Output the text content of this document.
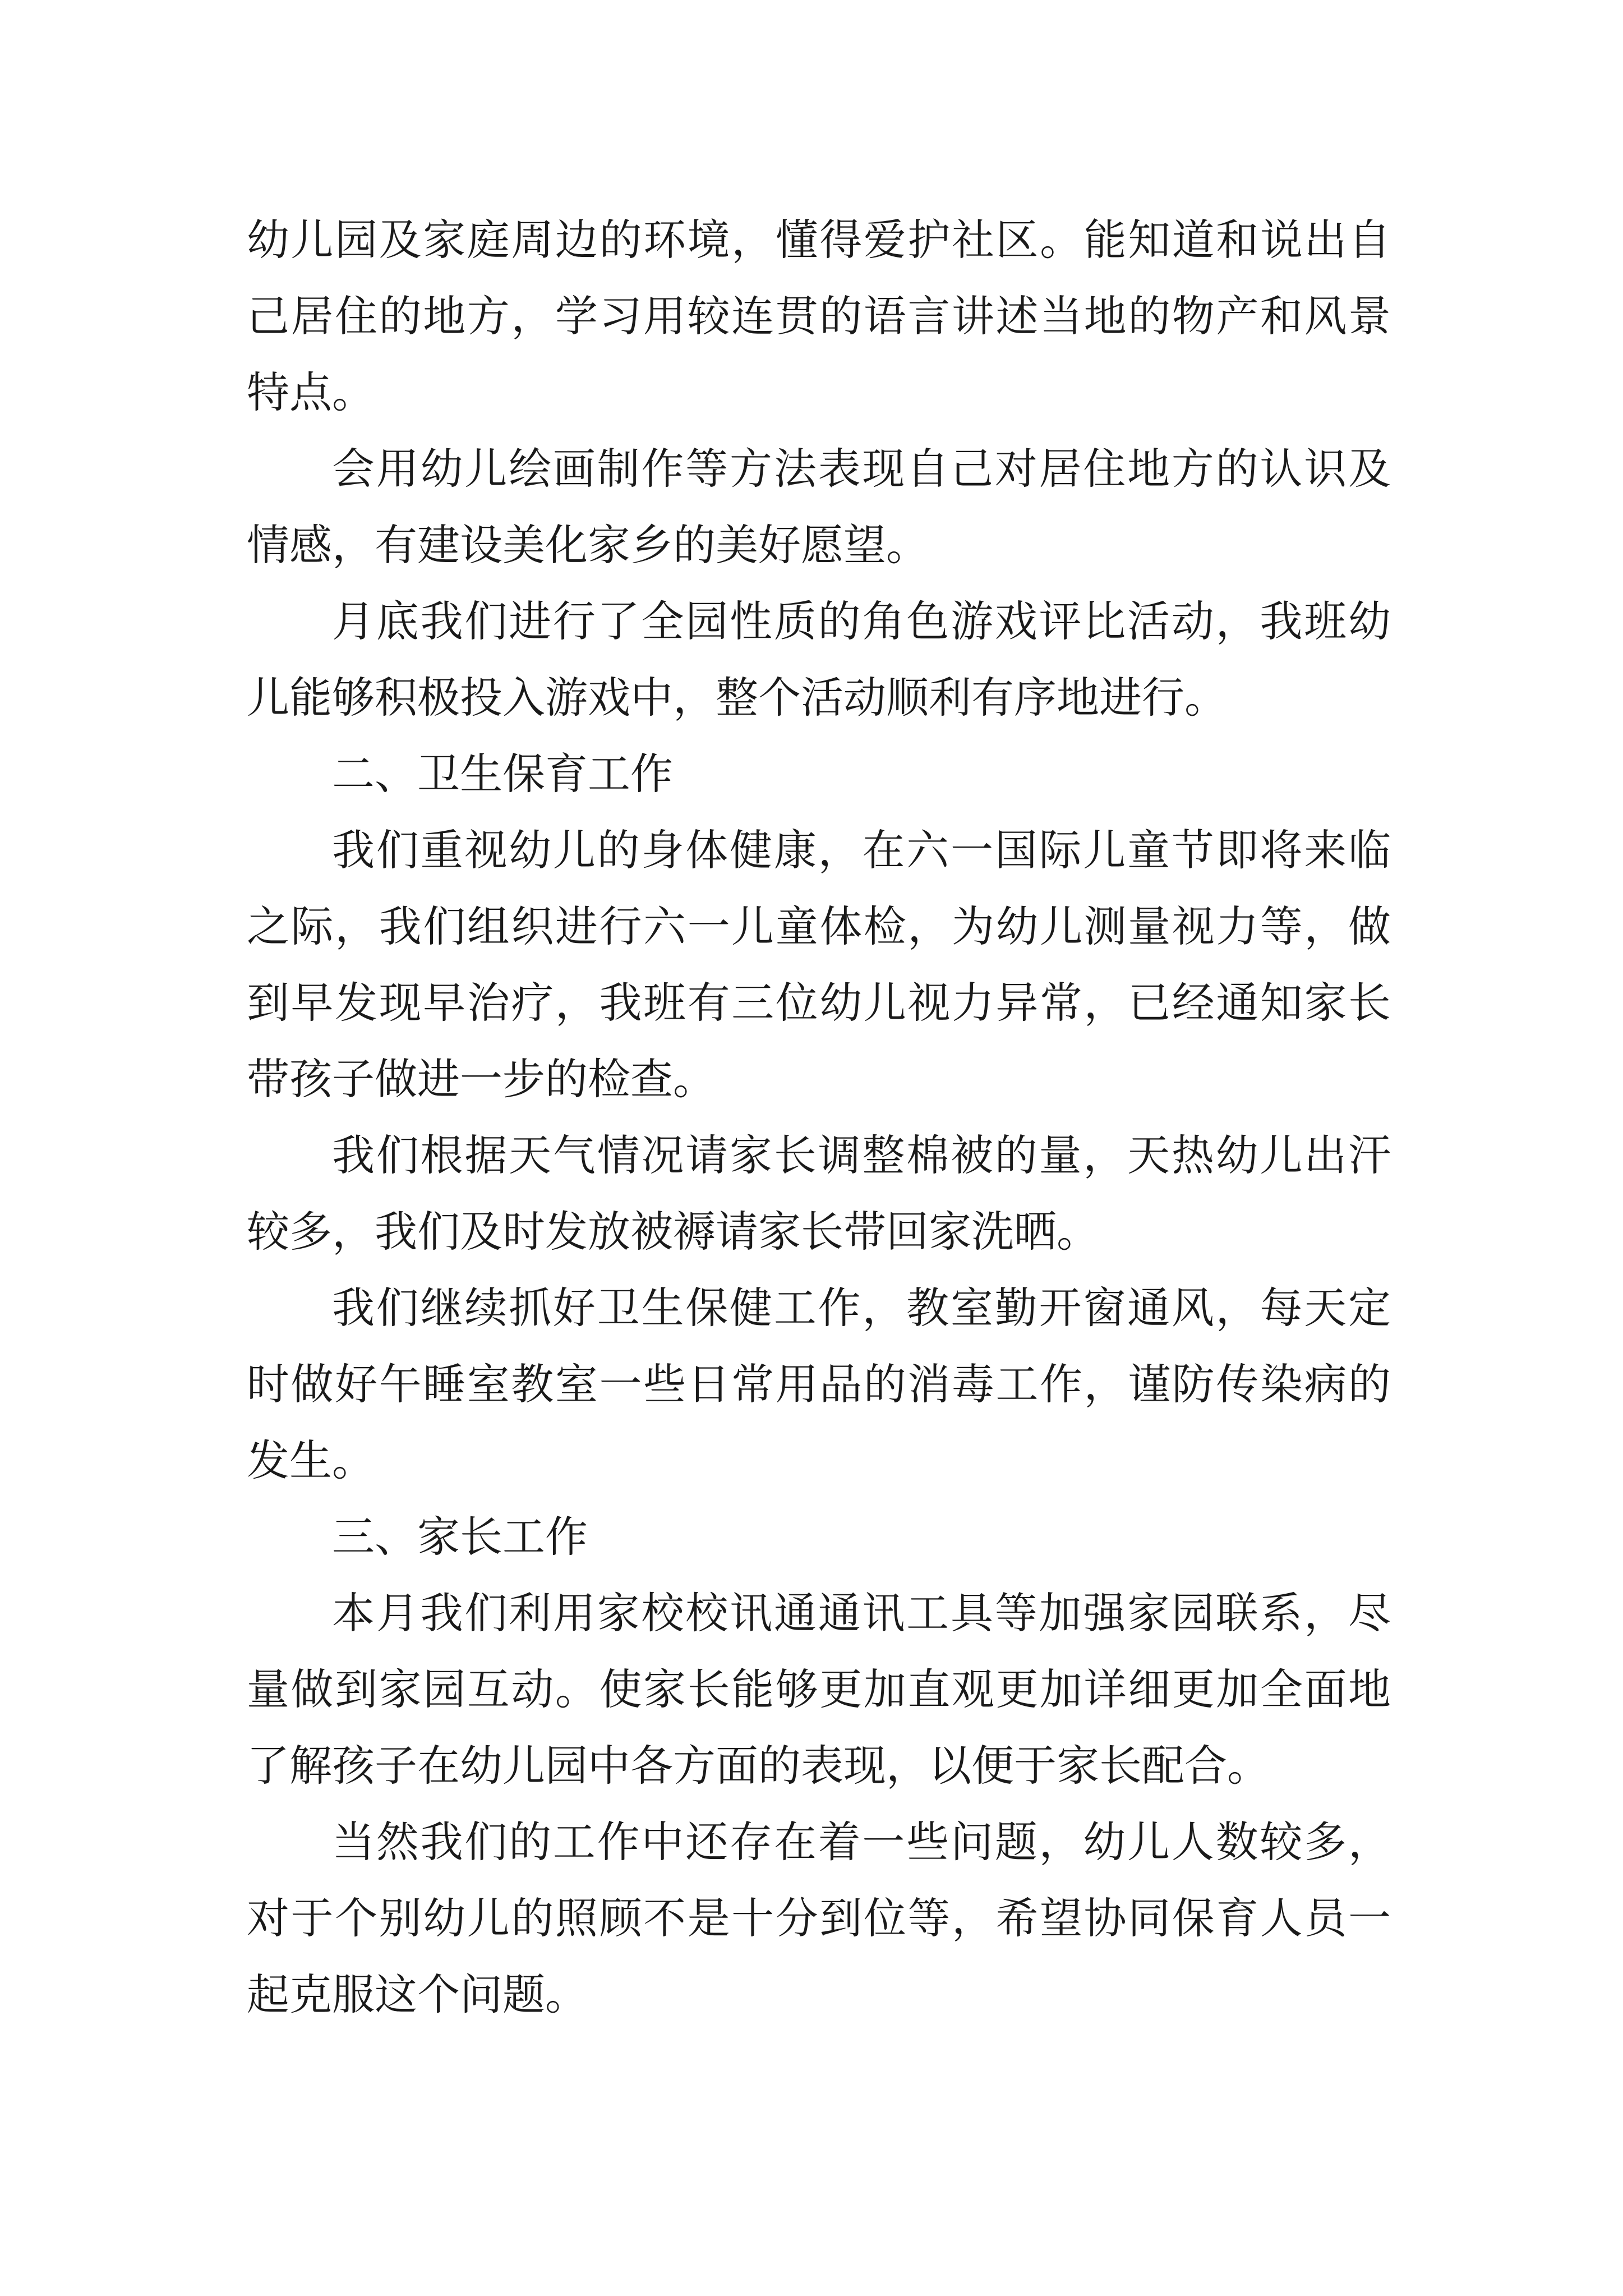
幼儿园及家庭周边的环境，懂得爱护社区。能知道和说出自己居住的地方，学习用较连贯的语言讲述当地的物产和风景特点。

会用幼儿绘画制作等方法表现自己对居住地方的认识及情感，有建设美化家乡的美好愿望。

月底我们进行了全园性质的角色游戏评比活动，我班幼儿能够积极投入游戏中，整个活动顺利有序地进行。

二、卫生保育工作

我们重视幼儿的身体健康，在六一国际儿童节即将来临之际，我们组织进行六一儿童体检，为幼儿测量视力等，做到早发现早治疗，我班有三位幼儿视力异常，已经通知家长带孩子做进一步的检查。

我们根据天气情况请家长调整棉被的量，天热幼儿出汗较多，我们及时发放被褥请家长带回家洗晒。

我们继续抓好卫生保健工作，教室勤开窗通风，每天定时做好午睡室教室一些日常用品的消毒工作，谨防传染病的发生。

三、家长工作

本月我们利用家校校讯通通讯工具等加强家园联系，尽量做到家园互动。使家长能够更加直观更加详细更加全面地了解孩子在幼儿园中各方面的表现，以便于家长配合。

当然我们的工作中还存在着一些问题，幼儿人数较多，对于个别幼儿的照顾不是十分到位等，希望协同保育人员一起克服这个问题。
